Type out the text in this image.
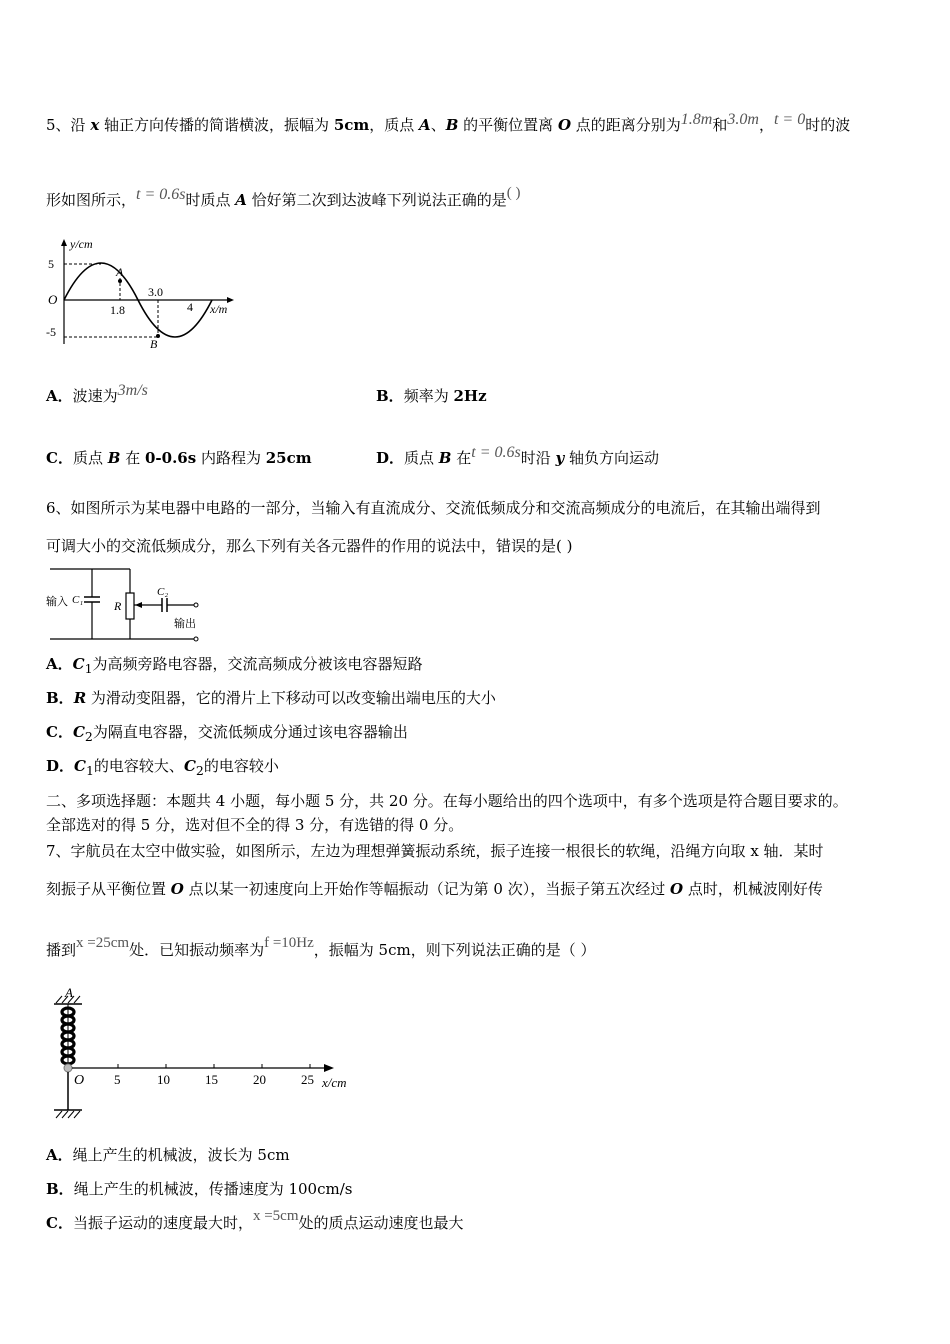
5、沿 x 轴正方向传播的简谐横波，振幅为 5cm，质点 A、B 的平衡位置离 O 点的距离分别为1.8m和3.0m，t = 0时的波
形如图所示，t = 0.6s时质点 A 恰好第二次到达波峰下列说法正确的是( )
y/cm
5
-5
O
1.8
3.0
4 x/m
A
B
A．波速为3m/s	B．频率为 2Hz
C．质点 B 在 0-0.6s 内路程为 25cm	D．质点 B 在t = 0.6s时沿 y 轴负方向运动
6、如图所示为某电器中电路的一部分，当输入有直流成分、交流低频成分和交流高频成分的电流后，在其输出端得到
可调大小的交流低频成分，那么下列有关各元器件的作用的说法中，错误的是( )
输入 C₁	R
C₂
输出
A．$C_1$为高频旁路电容器，交流高频成分被该电容器短路
B．R 为滑动变阻器，它的滑片上下移动可以改变输出端电压的大小
C．$C_2$为隔直电容器，交流低频成分通过该电容器输出
D．$C_1$的电容较大、$C_2$的电容较小
二、多项选择题：本题共 4 小题，每小题 5 分，共 20 分。在每小题给出的四个选项中，有多个选项是符合题目要求的。
全部选对的得 5 分，选对但不全的得 3 分，有选错的得 0 分。
7、字航员在太空中做实验，如图所示，左边为理想弹簧振动系统，振子连接一根很长的软绳，沿绳方向取 x 轴．某时
刻振子从平衡位置 O 点以某一初速度向上开始作等幅振动（记为第 0 次），当振子第五次经过 O 点时，机械波刚好传
播到x =25cm处．已知振动频率为f =10Hz，振幅为 5cm，则下列说法正确的是（ ）
A
O 5	10	15	20	25 x/cm
A．绳上产生的机械波，波长为 5cm
B．绳上产生的机械波，传播速度为 100cm/s
C．当振子运动的速度最大时，x =5cm处的质点运动速度也最大
